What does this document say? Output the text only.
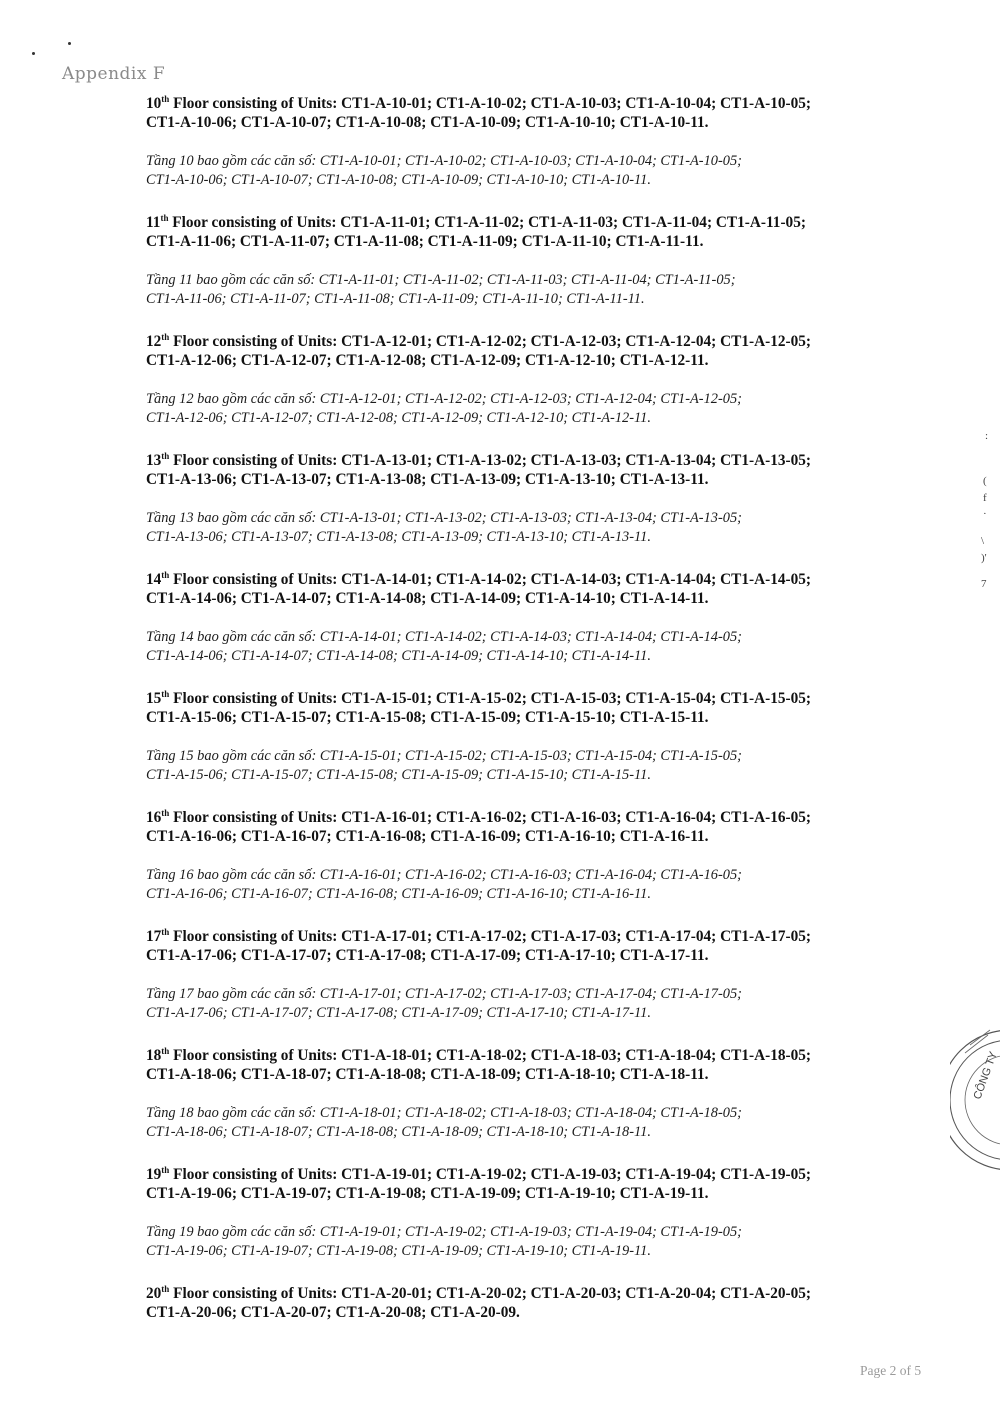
Appendix F

10th Floor consisting of Units: CT1-A-10-01; CT1-A-10-02; CT1-A-10-03; CT1-A-10-04; CT1-A-10-05;
CT1-A-10-06; CT1-A-10-07; CT1-A-10-08; CT1-A-10-09; CT1-A-10-10; CT1-A-10-11.

Tầng 10 bao gồm các căn số: CT1-A-10-01; CT1-A-10-02; CT1-A-10-03; CT1-A-10-04; CT1-A-10-05;
CT1-A-10-06; CT1-A-10-07; CT1-A-10-08; CT1-A-10-09; CT1-A-10-10; CT1-A-10-11.

11th Floor consisting of Units: CT1-A-11-01; CT1-A-11-02; CT1-A-11-03; CT1-A-11-04; CT1-A-11-05;
CT1-A-11-06; CT1-A-11-07; CT1-A-11-08; CT1-A-11-09; CT1-A-11-10; CT1-A-11-11.

Tầng 11 bao gồm các căn số: CT1-A-11-01; CT1-A-11-02; CT1-A-11-03; CT1-A-11-04; CT1-A-11-05;
CT1-A-11-06; CT1-A-11-07; CT1-A-11-08; CT1-A-11-09; CT1-A-11-10; CT1-A-11-11.

12th Floor consisting of Units: CT1-A-12-01; CT1-A-12-02; CT1-A-12-03; CT1-A-12-04; CT1-A-12-05;
CT1-A-12-06; CT1-A-12-07; CT1-A-12-08; CT1-A-12-09; CT1-A-12-10; CT1-A-12-11.

Tầng 12 bao gồm các căn số: CT1-A-12-01; CT1-A-12-02; CT1-A-12-03; CT1-A-12-04; CT1-A-12-05;
CT1-A-12-06; CT1-A-12-07; CT1-A-12-08; CT1-A-12-09; CT1-A-12-10; CT1-A-12-11.

13th Floor consisting of Units: CT1-A-13-01; CT1-A-13-02; CT1-A-13-03; CT1-A-13-04; CT1-A-13-05;
CT1-A-13-06; CT1-A-13-07; CT1-A-13-08; CT1-A-13-09; CT1-A-13-10; CT1-A-13-11.

Tầng 13 bao gồm các căn số: CT1-A-13-01; CT1-A-13-02; CT1-A-13-03; CT1-A-13-04; CT1-A-13-05;
CT1-A-13-06; CT1-A-13-07; CT1-A-13-08; CT1-A-13-09; CT1-A-13-10; CT1-A-13-11.

14th Floor consisting of Units: CT1-A-14-01; CT1-A-14-02; CT1-A-14-03; CT1-A-14-04; CT1-A-14-05;
CT1-A-14-06; CT1-A-14-07; CT1-A-14-08; CT1-A-14-09; CT1-A-14-10; CT1-A-14-11.

Tầng 14 bao gồm các căn số: CT1-A-14-01; CT1-A-14-02; CT1-A-14-03; CT1-A-14-04; CT1-A-14-05;
CT1-A-14-06; CT1-A-14-07; CT1-A-14-08; CT1-A-14-09; CT1-A-14-10; CT1-A-14-11.

15th Floor consisting of Units: CT1-A-15-01; CT1-A-15-02; CT1-A-15-03; CT1-A-15-04; CT1-A-15-05;
CT1-A-15-06; CT1-A-15-07; CT1-A-15-08; CT1-A-15-09; CT1-A-15-10; CT1-A-15-11.

Tầng 15 bao gồm các căn số: CT1-A-15-01; CT1-A-15-02; CT1-A-15-03; CT1-A-15-04; CT1-A-15-05;
CT1-A-15-06; CT1-A-15-07; CT1-A-15-08; CT1-A-15-09; CT1-A-15-10; CT1-A-15-11.

16th Floor consisting of Units: CT1-A-16-01; CT1-A-16-02; CT1-A-16-03; CT1-A-16-04; CT1-A-16-05;
CT1-A-16-06; CT1-A-16-07; CT1-A-16-08; CT1-A-16-09; CT1-A-16-10; CT1-A-16-11.

Tầng 16 bao gồm các căn số: CT1-A-16-01; CT1-A-16-02; CT1-A-16-03; CT1-A-16-04; CT1-A-16-05;
CT1-A-16-06; CT1-A-16-07; CT1-A-16-08; CT1-A-16-09; CT1-A-16-10; CT1-A-16-11.

17th Floor consisting of Units: CT1-A-17-01; CT1-A-17-02; CT1-A-17-03; CT1-A-17-04; CT1-A-17-05;
CT1-A-17-06; CT1-A-17-07; CT1-A-17-08; CT1-A-17-09; CT1-A-17-10; CT1-A-17-11.

Tầng 17 bao gồm các căn số: CT1-A-17-01; CT1-A-17-02; CT1-A-17-03; CT1-A-17-04; CT1-A-17-05;
CT1-A-17-06; CT1-A-17-07; CT1-A-17-08; CT1-A-17-09; CT1-A-17-10; CT1-A-17-11.

18th Floor consisting of Units: CT1-A-18-01; CT1-A-18-02; CT1-A-18-03; CT1-A-18-04; CT1-A-18-05;
CT1-A-18-06; CT1-A-18-07; CT1-A-18-08; CT1-A-18-09; CT1-A-18-10; CT1-A-18-11.

Tầng 18 bao gồm các căn số: CT1-A-18-01; CT1-A-18-02; CT1-A-18-03; CT1-A-18-04; CT1-A-18-05;
CT1-A-18-06; CT1-A-18-07; CT1-A-18-08; CT1-A-18-09; CT1-A-18-10; CT1-A-18-11.

19th Floor consisting of Units: CT1-A-19-01; CT1-A-19-02; CT1-A-19-03; CT1-A-19-04; CT1-A-19-05;
CT1-A-19-06; CT1-A-19-07; CT1-A-19-08; CT1-A-19-09; CT1-A-19-10; CT1-A-19-11.

Tầng 19 bao gồm các căn số: CT1-A-19-01; CT1-A-19-02; CT1-A-19-03; CT1-A-19-04; CT1-A-19-05;
CT1-A-19-06; CT1-A-19-07; CT1-A-19-08; CT1-A-19-09; CT1-A-19-10; CT1-A-19-11.

20th Floor consisting of Units: CT1-A-20-01; CT1-A-20-02; CT1-A-20-03; CT1-A-20-04; CT1-A-20-05;
CT1-A-20-06; CT1-A-20-07; CT1-A-20-08; CT1-A-20-09.

:
(
f
·
\
)'
7
CÔNG TY
Page 2 of 5
